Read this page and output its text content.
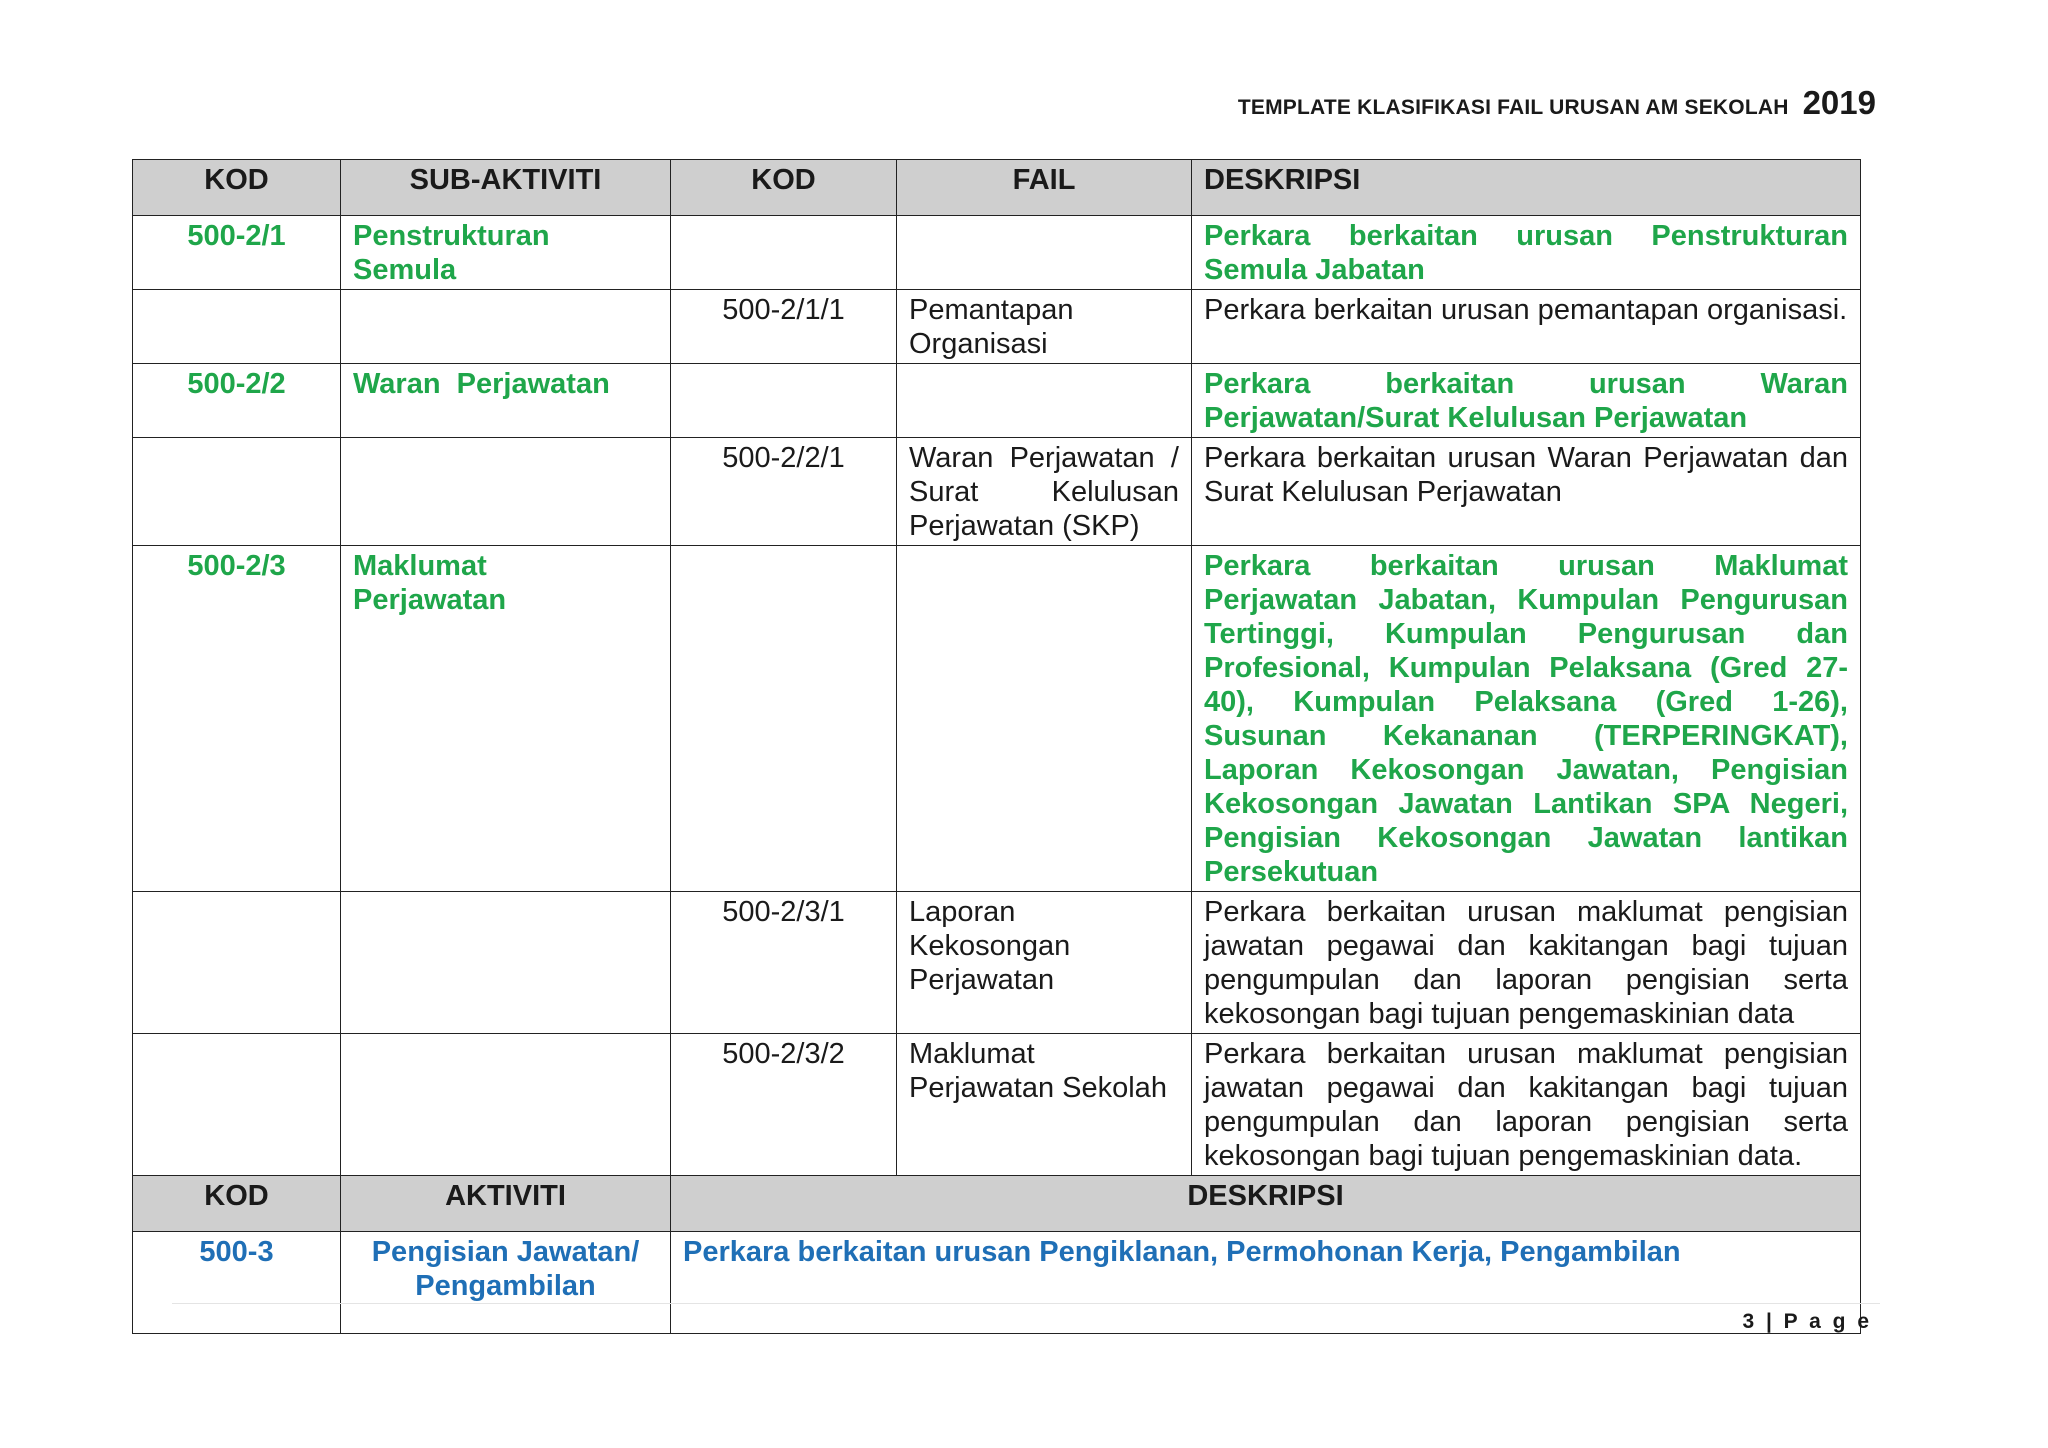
TEMPLATE KLASIFIKASI FAIL URUSAN AM SEKOLAH 2019
KOD	SUB-AKTIVITI	KOD	FAIL	DESKRIPSI
500-2/1	Penstrukturan Semula			Perkara berkaitan urusan Penstrukturan Semula Jabatan
		500-2/1/1	Pemantapan Organisasi	Perkara berkaitan urusan pemantapan organisasi.
500-2/2	Waran  Perjawatan			Perkara berkaitan urusan Waran Perjawatan/Surat Kelulusan Perjawatan
		500-2/2/1	Waran Perjawatan / Surat Kelulusan Perjawatan (SKP)	Perkara berkaitan urusan Waran Perjawatan dan Surat Kelulusan Perjawatan
500-2/3	Maklumat Perjawatan			Perkara berkaitan urusan Maklumat Perjawatan Jabatan, Kumpulan Pengurusan Tertinggi, Kumpulan Pengurusan dan Profesional, Kumpulan Pelaksana (Gred 27-40), Kumpulan Pelaksana (Gred 1-26), Susunan Kekananan (TERPERINGKAT), Laporan Kekosongan Jawatan, Pengisian Kekosongan Jawatan Lantikan SPA Negeri, Pengisian Kekosongan Jawatan lantikan Persekutuan
		500-2/3/1	Laporan Kekosongan Perjawatan	Perkara berkaitan urusan maklumat pengisian jawatan pegawai dan kakitangan bagi tujuan pengumpulan dan laporan pengisian serta kekosongan bagi tujuan pengemaskinian data
		500-2/3/2	Maklumat Perjawatan Sekolah	Perkara berkaitan urusan maklumat pengisian jawatan pegawai dan kakitangan bagi tujuan pengumpulan dan laporan pengisian serta kekosongan bagi tujuan pengemaskinian data.
KOD	AKTIVITI	DESKRIPSI		
500-3	Pengisian Jawatan/ Pengambilan	Perkara berkaitan urusan Pengiklanan, Permohonan Kerja, Pengambilan		
3 | P a g e
